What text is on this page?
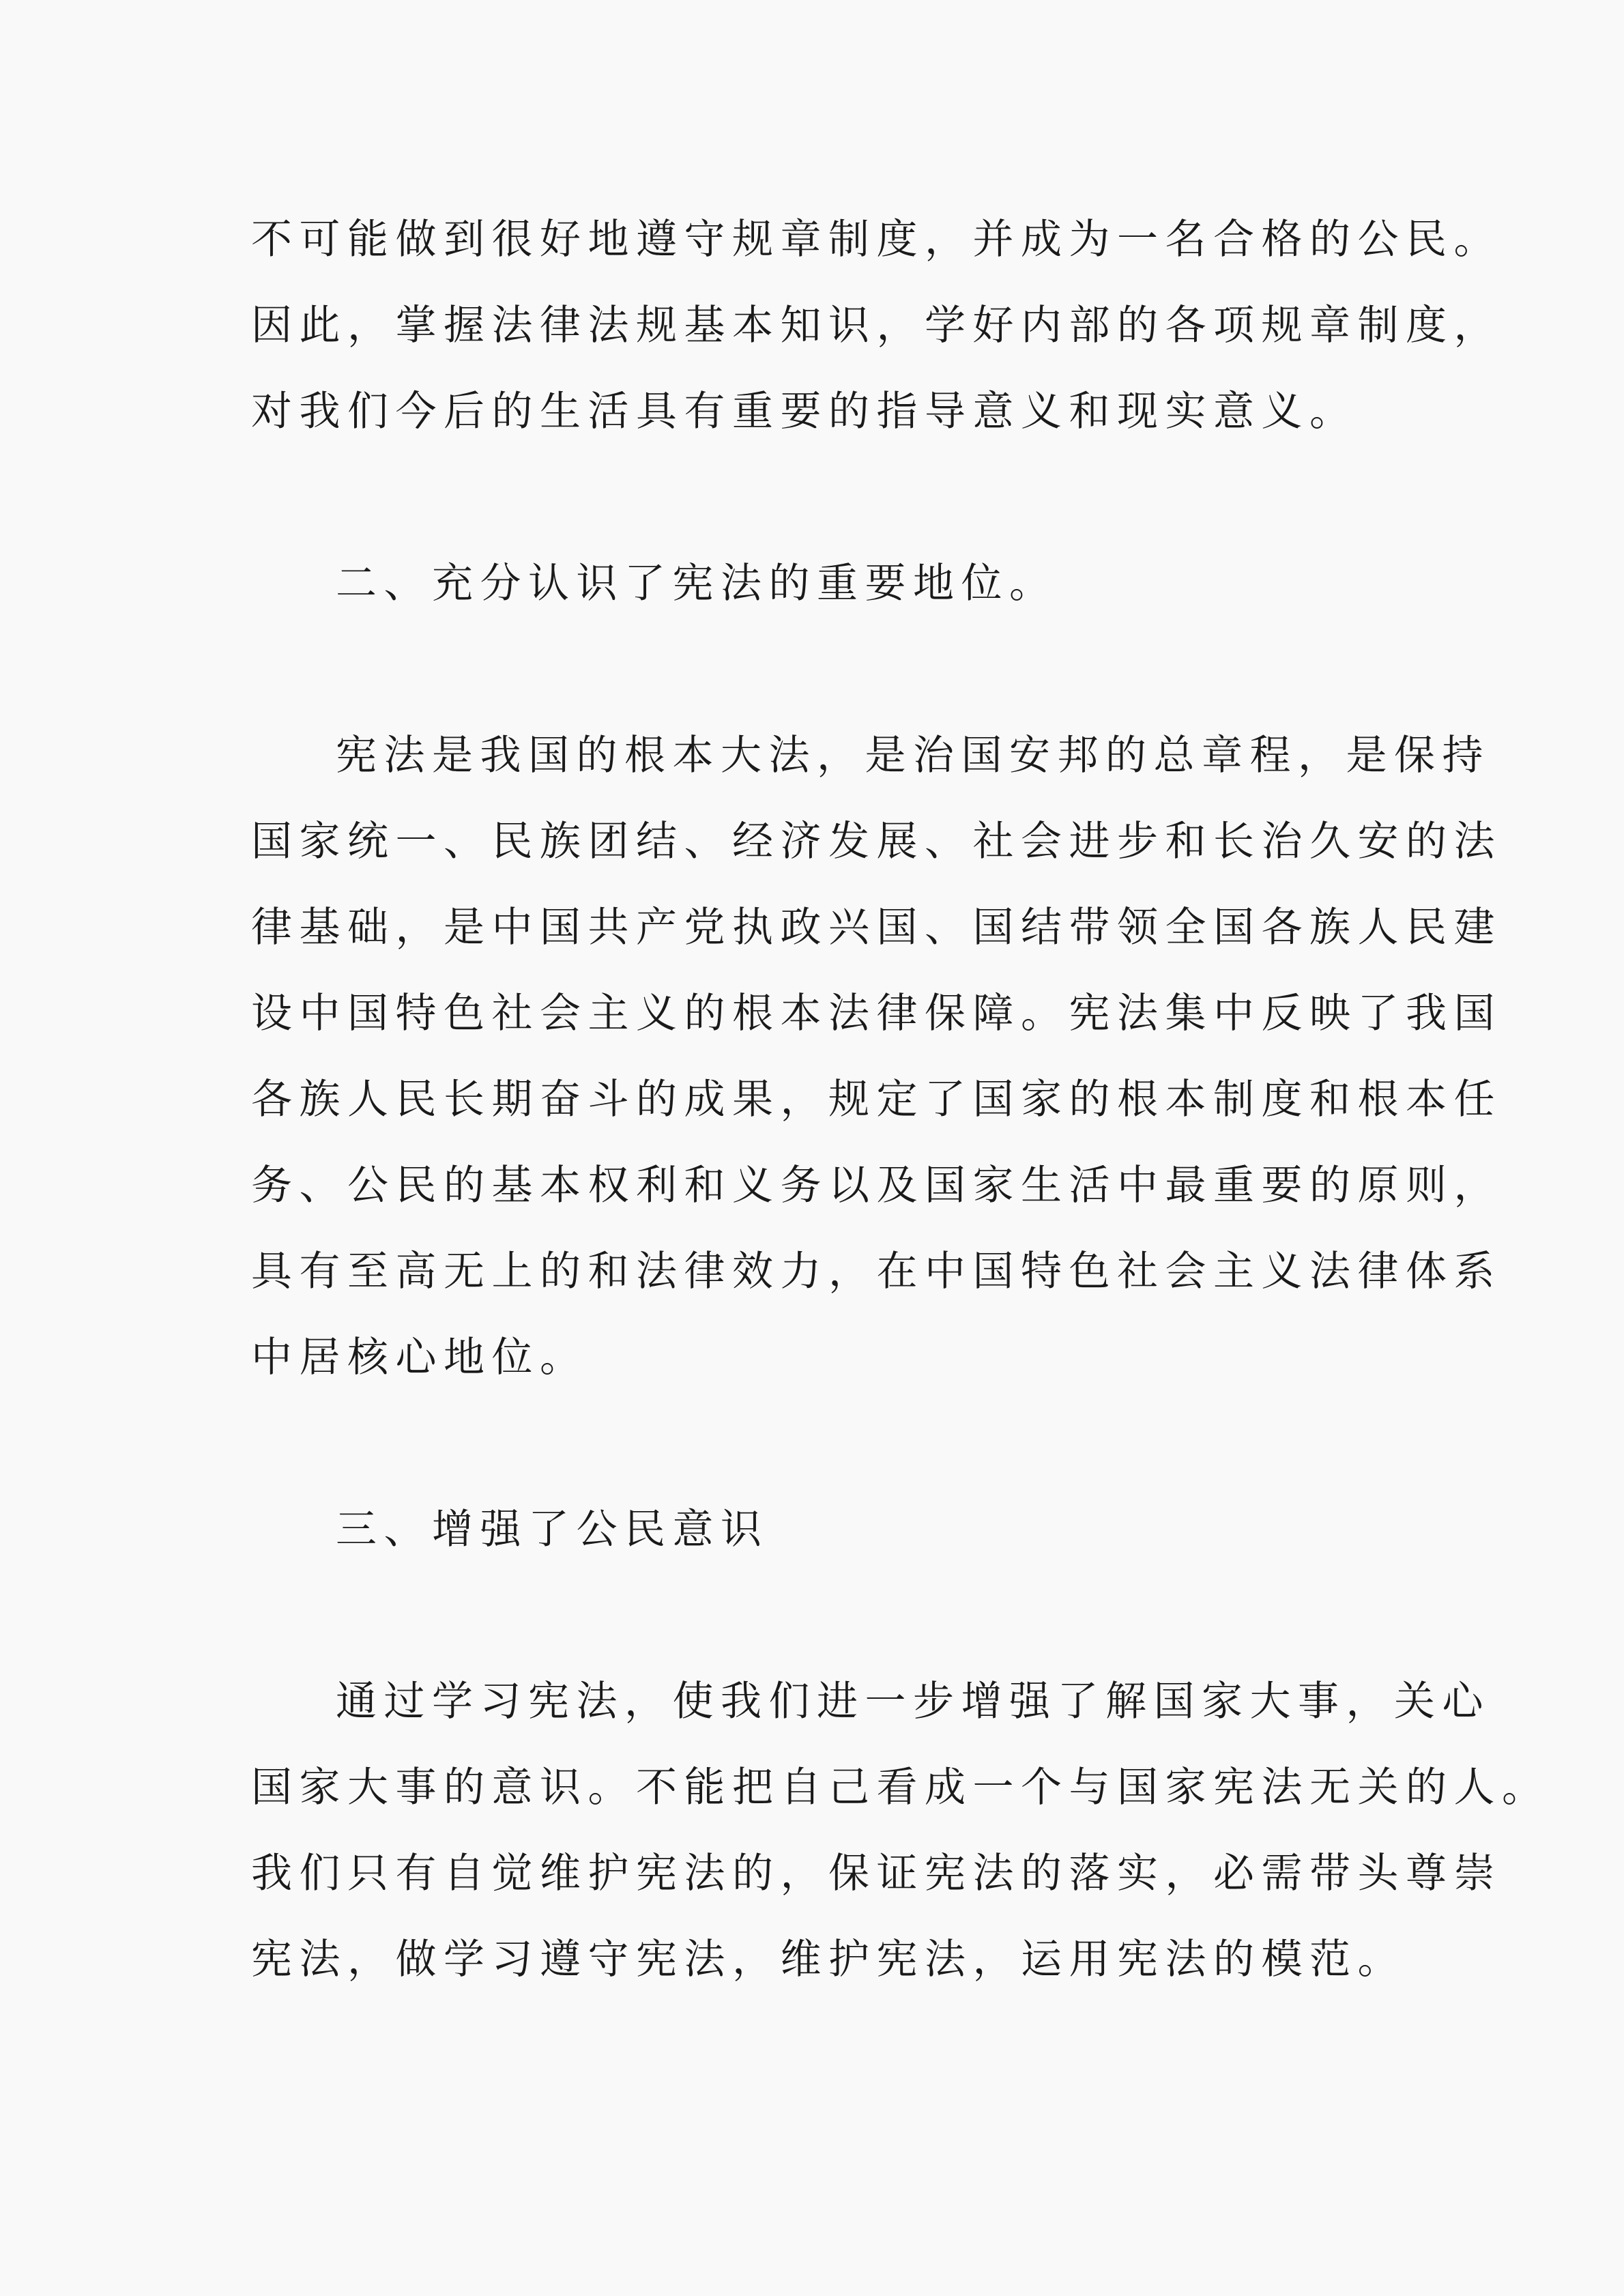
不可能做到很好地遵守规章制度，并成为一名合格的公民。
因此，掌握法律法规基本知识，学好内部的各项规章制度，
对我们今后的生活具有重要的指导意义和现实意义。
二、充分认识了宪法的重要地位。
宪法是我国的根本大法，是治国安邦的总章程，是保持
国家统一、民族团结、经济发展、社会进步和长治久安的法
律基础，是中国共产党执政兴国、国结带领全国各族人民建
设中国特色社会主义的根本法律保障。宪法集中反映了我国
各族人民长期奋斗的成果，规定了国家的根本制度和根本任
务、公民的基本权利和义务以及国家生活中最重要的原则，
具有至高无上的和法律效力，在中国特色社会主义法律体系
中居核心地位。
三、增强了公民意识
通过学习宪法，使我们进一步增强了解国家大事，关心
国家大事的意识。不能把自己看成一个与国家宪法无关的人。
我们只有自觉维护宪法的，保证宪法的落实，必需带头尊崇
宪法，做学习遵守宪法，维护宪法，运用宪法的模范。
